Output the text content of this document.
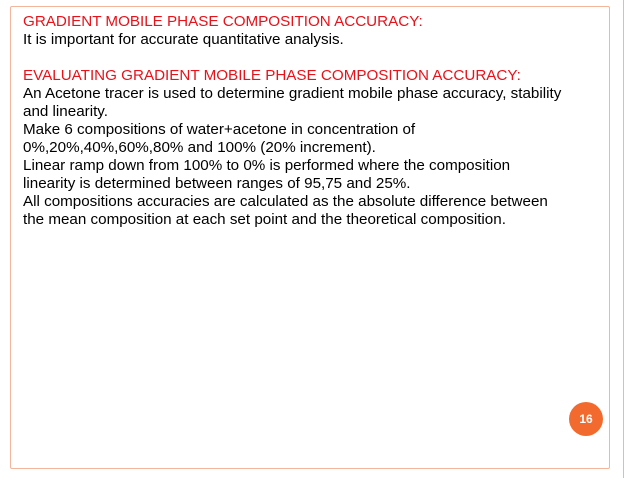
GRADIENT MOBILE PHASE COMPOSITION ACCURACY:
It is important for accurate quantitative analysis.
EVALUATING GRADIENT MOBILE PHASE COMPOSITION ACCURACY:
An Acetone tracer is used to determine gradient mobile phase accuracy, stability
and linearity.
Make 6 compositions of water+acetone in concentration of
0%,20%,40%,60%,80% and 100% (20% increment).
Linear ramp down from 100% to 0% is performed where the composition
linearity is determined between ranges of 95,75 and 25%.
All compositions accuracies are calculated as the absolute difference between
the mean composition at each set point and the theoretical composition.
16
